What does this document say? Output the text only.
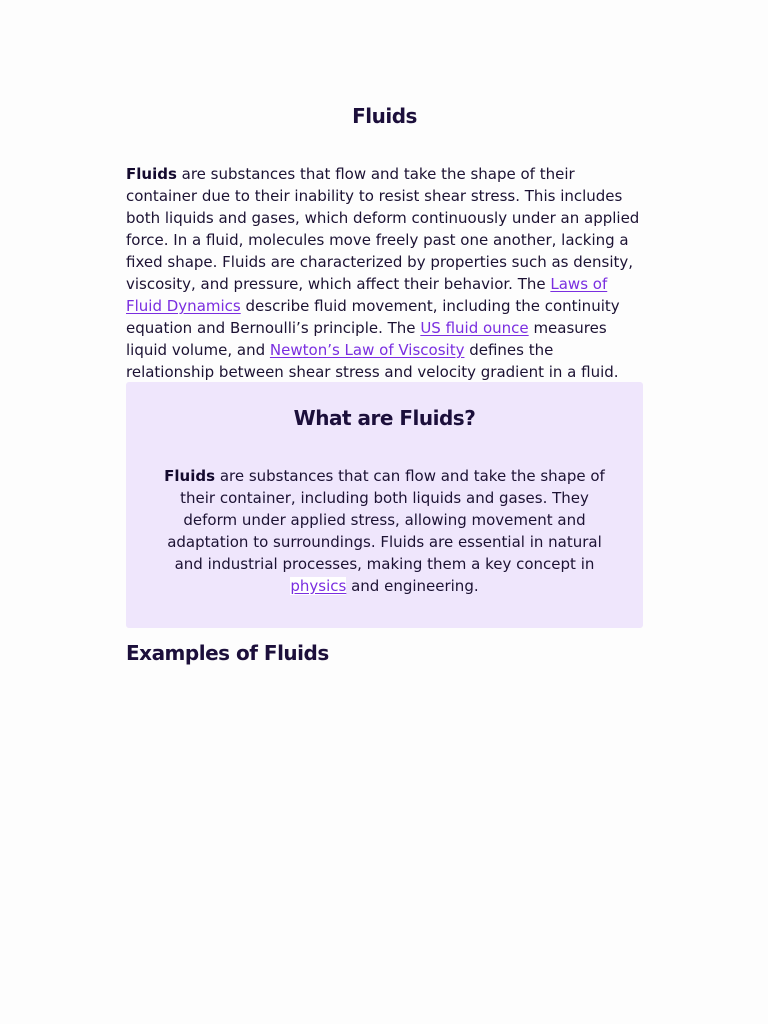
Fluids

Fluids are substances that flow and take the shape of their container due to their inability to resist shear stress. This includes both liquids and gases, which deform continuously under an applied force. In a fluid, molecules move freely past one another, lacking a fixed shape. Fluids are characterized by properties such as density, viscosity, and pressure, which affect their behavior. The Laws of Fluid Dynamics describe fluid movement, including the continuity equation and Bernoulli’s principle. The US fluid ounce measures liquid volume, and Newton’s Law of Viscosity defines the relationship between shear stress and velocity gradient in a fluid.

What are Fluids?

Fluids are substances that can flow and take the shape of their container, including both liquids and gases. They deform under applied stress, allowing movement and adaptation to surroundings. Fluids are essential in natural and industrial processes, making them a key concept in physics and engineering.

Examples of Fluids
